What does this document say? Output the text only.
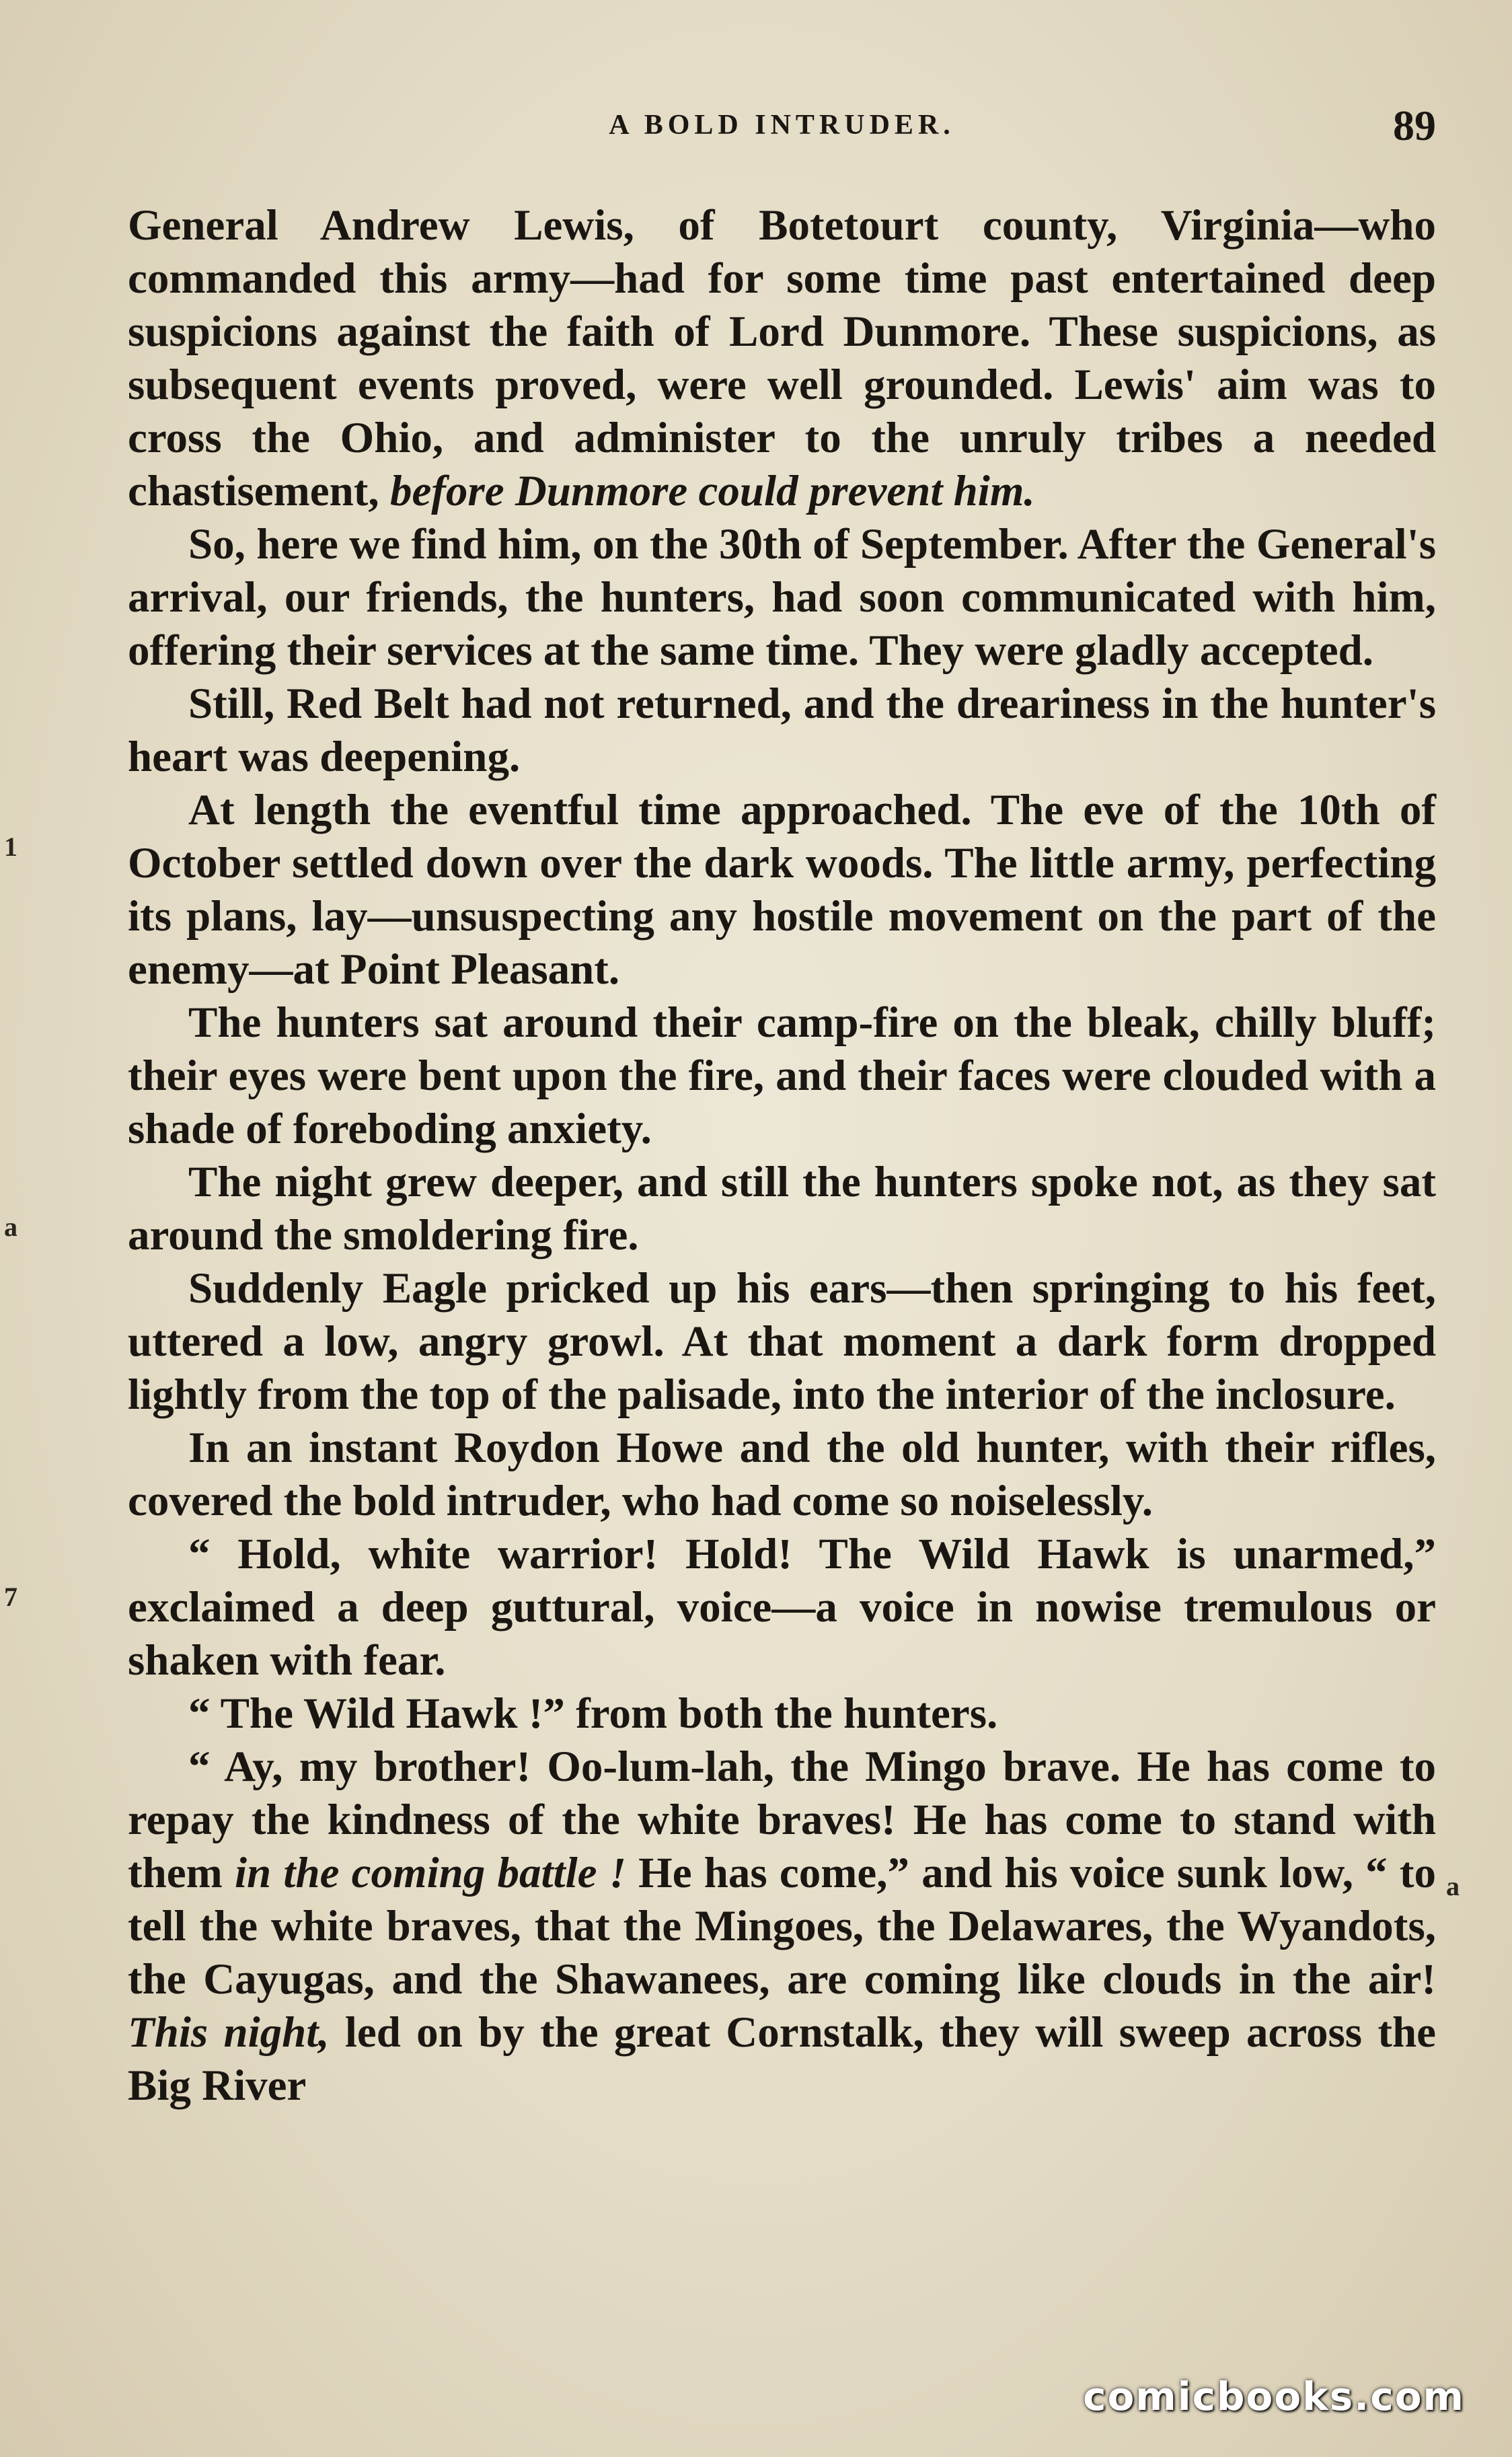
A BOLD INTRUDER.	89

General Andrew Lewis, of Botetourt county, Virginia—who commanded this army—had for some time past entertained deep suspicions against the faith of Lord Dunmore. These suspicions, as subsequent events proved, were well grounded. Lewis' aim was to cross the Ohio, and administer to the unruly tribes a needed chastisement, before Dunmore could prevent him.

So, here we find him, on the 30th of September. After the General's arrival, our friends, the hunters, had soon communicated with him, offering their services at the same time. They were gladly accepted.

Still, Red Belt had not returned, and the dreariness in the hunter's heart was deepening.

At length the eventful time approached. The eve of the 10th of October settled down over the dark woods. The little army, perfecting its plans, lay—unsuspecting any hostile movement on the part of the enemy—at Point Pleasant.

The hunters sat around their camp-fire on the bleak, chilly bluff; their eyes were bent upon the fire, and their faces were clouded with a shade of foreboding anxiety.

The night grew deeper, and still the hunters spoke not, as they sat around the smoldering fire.

Suddenly Eagle pricked up his ears—then springing to his feet, uttered a low, angry growl. At that moment a dark form dropped lightly from the top of the palisade, into the interior of the inclosure.

In an instant Roydon Howe and the old hunter, with their rifles, covered the bold intruder, who had come so noiselessly.

“ Hold, white warrior! Hold! The Wild Hawk is unarmed,” exclaimed a deep guttural, voice—a voice in nowise tremulous or shaken with fear.

“ The Wild Hawk !” from both the hunters.

“ Ay, my brother! Oo-lum-lah, the Mingo brave. He has come to repay the kindness of the white braves! He has come to stand with them in the coming battle ! He has come,” and his voice sunk low, “ to tell the white braves, that the Mingoes, the Delawares, the Wyandots, the Cayugas, and the Shawanees, are coming like clouds in the air! This night, led on by the great Cornstalk, they will sweep across the Big River

1
a
7
a
comicbooks.com
